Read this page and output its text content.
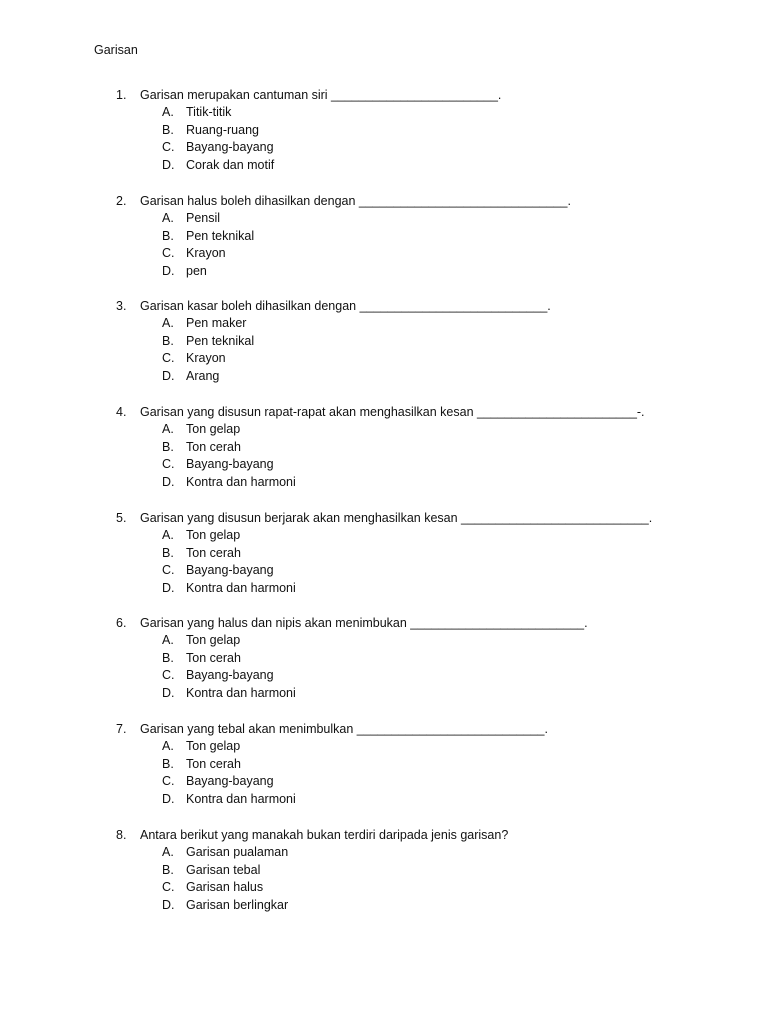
Garisan
1. Garisan merupakan cantuman siri ________________________.
A. Titik-titik
B. Ruang-ruang
C. Bayang-bayang
D. Corak dan motif
2. Garisan halus boleh dihasilkan dengan ______________________________.
A. Pensil
B. Pen teknikal
C. Krayon
D. pen
3. Garisan kasar boleh dihasilkan dengan ___________________________.
A. Pen maker
B. Pen teknikal
C. Krayon
D. Arang
4. Garisan yang disusun rapat-rapat akan menghasilkan kesan _______________________-.
A. Ton gelap
B. Ton cerah
C. Bayang-bayang
D. Kontra dan harmoni
5. Garisan yang disusun berjarak akan menghasilkan kesan ___________________________.
A. Ton gelap
B. Ton cerah
C. Bayang-bayang
D. Kontra dan harmoni
6. Garisan yang halus dan nipis akan menimbukan _________________________.
A. Ton gelap
B. Ton cerah
C. Bayang-bayang
D. Kontra dan harmoni
7. Garisan yang tebal akan menimbulkan ___________________________.
A. Ton gelap
B. Ton cerah
C. Bayang-bayang
D. Kontra dan harmoni
8. Antara berikut yang manakah bukan terdiri daripada jenis garisan?
A. Garisan pualaman
B. Garisan tebal
C. Garisan halus
D. Garisan berlingkar
